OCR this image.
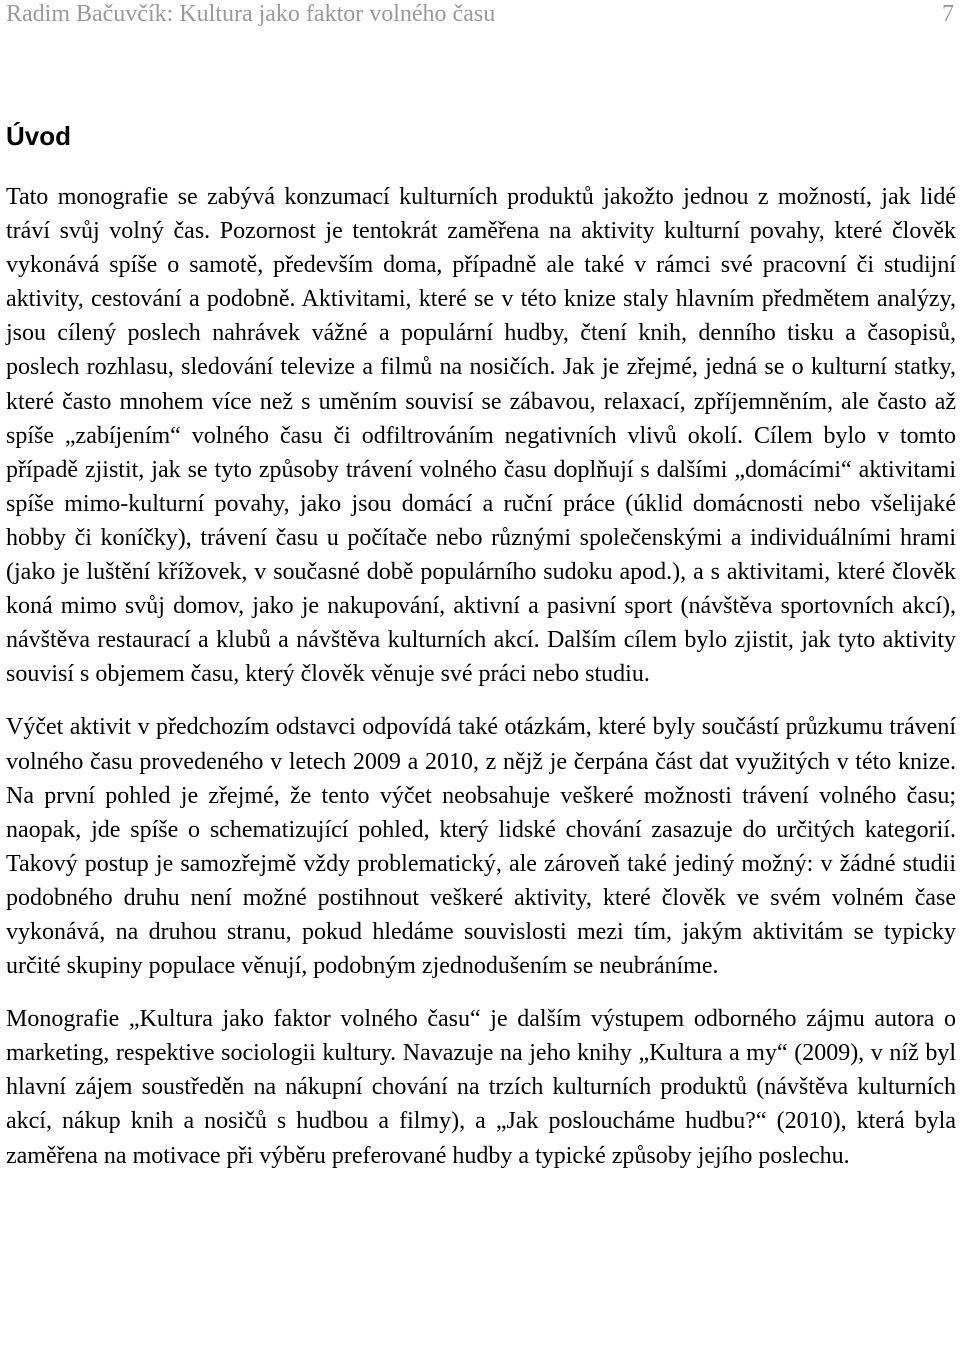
Radim Bačuvčík: Kultura jako faktor volného času	7
Úvod

Tato monografie se zabývá konzumací kulturních produktů jakožto jednou z možností, jak lidé tráví svůj volný čas. Pozornost je tentokrát zaměřena na aktivity kulturní povahy, které člověk vykonává spíše o samotě, především doma, případně ale také v rámci své pracovní či studijní aktivity, cestování a podobně. Aktivitami, které se v této knize staly hlavním předmětem analýzy, jsou cílený poslech nahrávek vážné a populární hudby, čtení knih, denního tisku a časopisů, poslech rozhlasu, sledování televize a filmů na nosičích. Jak je zřejmé, jedná se o kulturní statky, které často mnohem více než s uměním souvisí se zábavou, relaxací, zpříjemněním, ale často až spíše „zabíjením“ volného času či odfiltrováním negativních vlivů okolí. Cílem bylo v tomto případě zjistit, jak se tyto způsoby trávení volného času doplňují s dalšími „domácími“ aktivitami spíše mimo-kulturní povahy, jako jsou domácí a ruční práce (úklid domácnosti nebo všelijaké hobby či koníčky), trávení času u počítače nebo různými společenskými a individuálními hrami (jako je luštění křížovek, v současné době populárního sudoku apod.), a s aktivitami, které člověk koná mimo svůj domov, jako je nakupování, aktivní a pasivní sport (návštěva sportovních akcí), návštěva restaurací a klubů a návštěva kulturních akcí. Dalším cílem bylo zjistit, jak tyto aktivity souvisí s objemem času, který člověk věnuje své práci nebo studiu.

Výčet aktivit v předchozím odstavci odpovídá také otázkám, které byly součástí průzkumu trávení volného času provedeného v letech 2009 a 2010, z nějž je čerpána část dat využitých v této knize. Na první pohled je zřejmé, že tento výčet neobsahuje veškeré možnosti trávení volného času; naopak, jde spíše o schematizující pohled, který lidské chování zasazuje do určitých kategorií. Takový postup je samozřejmě vždy problematický, ale zároveň také jediný možný: v žádné studii podobného druhu není možné postihnout veškeré aktivity, které člověk ve svém volném čase vykonává, na druhou stranu, pokud hledáme souvislosti mezi tím, jakým aktivitám se typicky určité skupiny populace věnují, podobným zjednodušením se neubráníme.

Monografie „Kultura jako faktor volného času“ je dalším výstupem odborného zájmu autora o marketing, respektive sociologii kultury. Navazuje na jeho knihy „Kultura a my“ (2009), v níž byl hlavní zájem soustředěn na nákupní chování na trzích kulturních produktů (návštěva kulturních akcí, nákup knih a nosičů s hudbou a filmy), a „Jak posloucháme hudbu?“ (2010), která byla zaměřena na motivace při výběru preferované hudby a typické způsoby jejího poslechu.
